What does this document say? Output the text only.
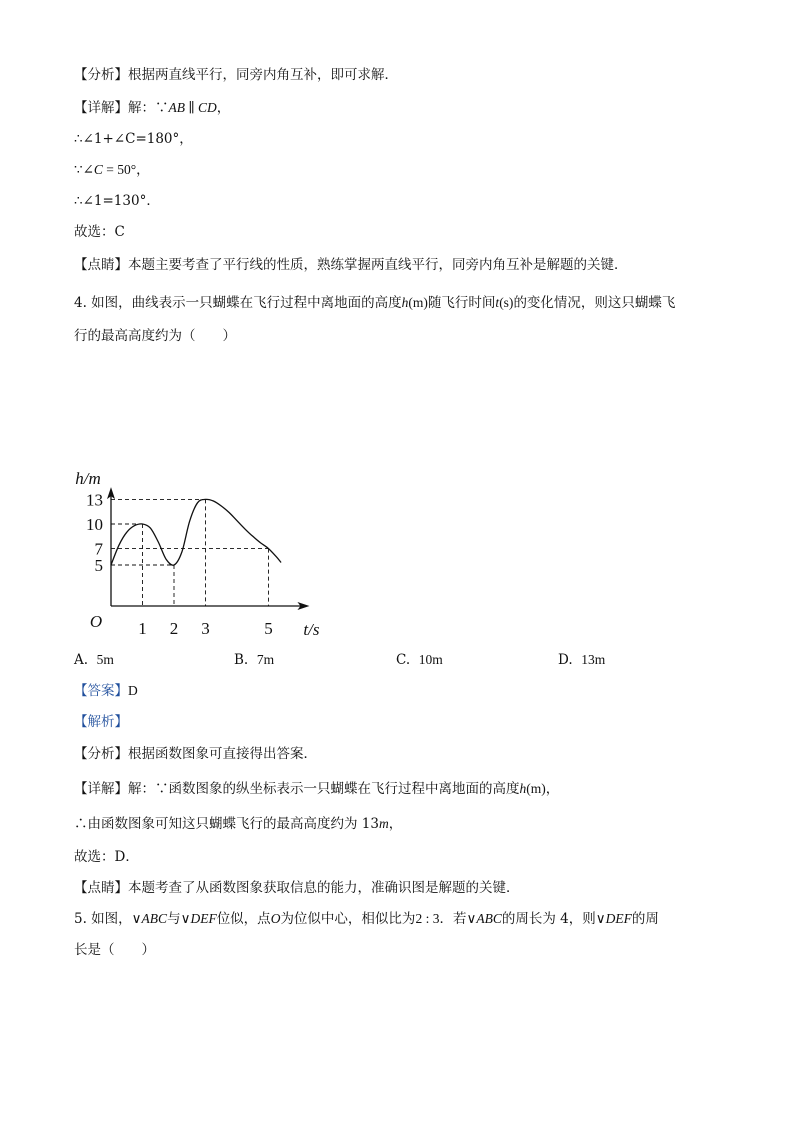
【分析】根据两直线平行，同旁内角互补，即可求解．
【详解】解：∵AB ∥ CD，
∴∠1+∠C=180°，
∵∠C = 50°，
∴∠1=130°．
故选：C
【点睛】本题主要考查了平行线的性质，熟练掌握两直线平行，同旁内角互补是解题的关键．
4. 如图，曲线表示一只蝴蝶在飞行过程中离地面的高度h(m)随飞行时间t(s)的变化情况，则这只蝴蝶飞
行的最高高度约为（　　）
5
7
10
13
1 2 3	5
O
h/m
t/s
A. 5m	B. 7m	C. 10m	D. 13m
【答案】D
【解析】
【分析】根据函数图象可直接得出答案．
【详解】解：∵函数图象的纵坐标表示一只蝴蝶在飞行过程中离地面的高度h(m)，
∴由函数图象可知这只蝴蝶飞行的最高高度约为 13m，
故选：D．
【点睛】本题考查了从函数图象获取信息的能力，准确识图是解题的关键．
5. 如图，∨ABC与∨DEF位似，点O为位似中心，相似比为2 : 3．若∨ABC的周长为 4，则∨DEF的周
长是（　　）
